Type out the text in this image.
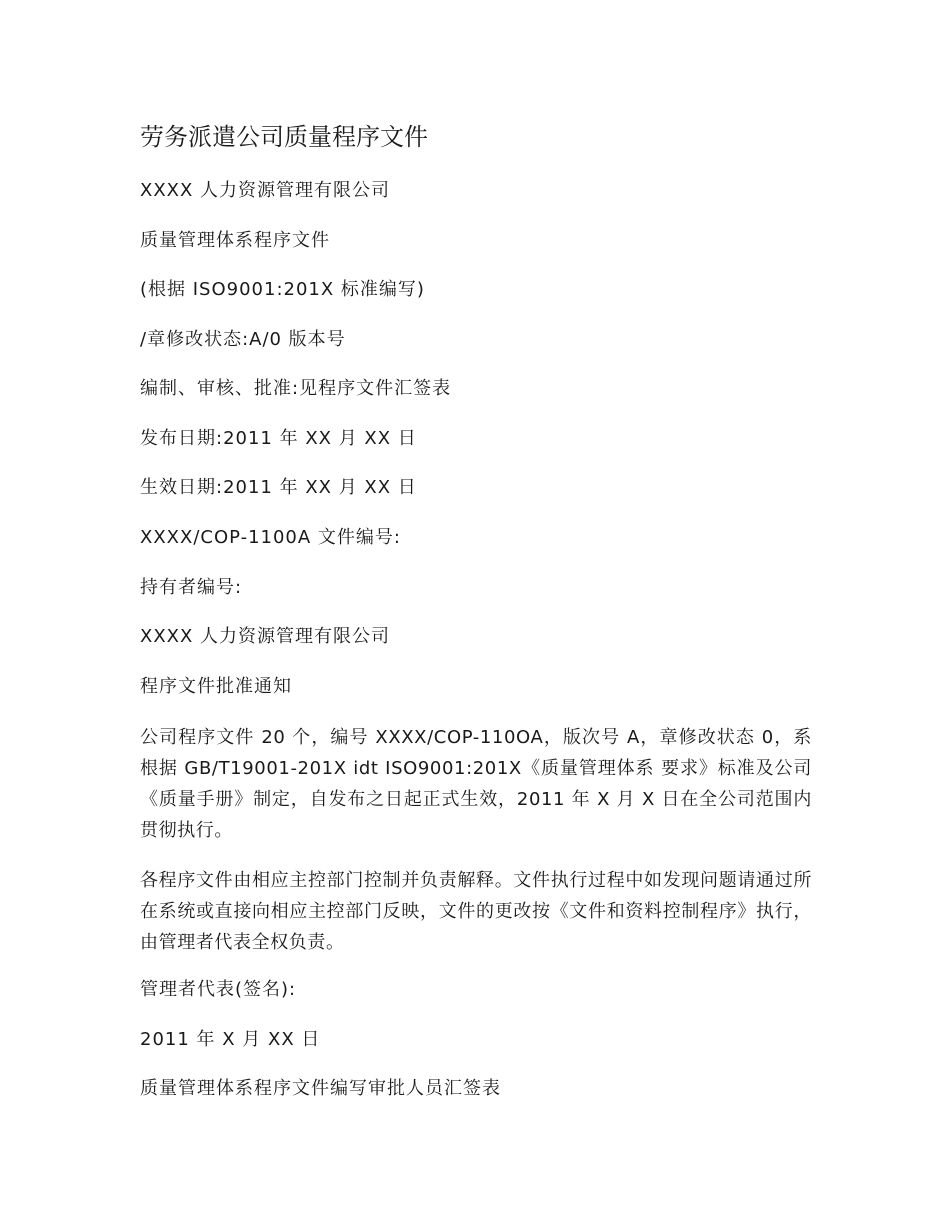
劳务派遣公司质量程序文件

XXXX 人力资源管理有限公司

质量管理体系程序文件

(根据 ISO9001:201X 标准编写)

/章修改状态:A/0 版本号

编制、审核、批准:见程序文件汇签表

发布日期:2011 年 XX 月 XX 日

生效日期:2011 年 XX 月 XX 日

XXXX/COP-1100A 文件编号:

持有者编号:

XXXX 人力资源管理有限公司

程序文件批准通知

公司程序文件 20 个，编号 XXXX/COP-110OA，版次号 A，章修改状态 0，系根据 GB/T19001-201X idt ISO9001:201X《质量管理体系 要求》标准及公司《质量手册》制定，自发布之日起正式生效，2011 年 X 月 X 日在全公司范围内贯彻执行。

各程序文件由相应主控部门控制并负责解释。文件执行过程中如发现问题请通过所在系统或直接向相应主控部门反映，文件的更改按《文件和资料控制程序》执行，由管理者代表全权负责。

管理者代表(签名):

2011 年 X 月 XX 日

质量管理体系程序文件编写审批人员汇签表
